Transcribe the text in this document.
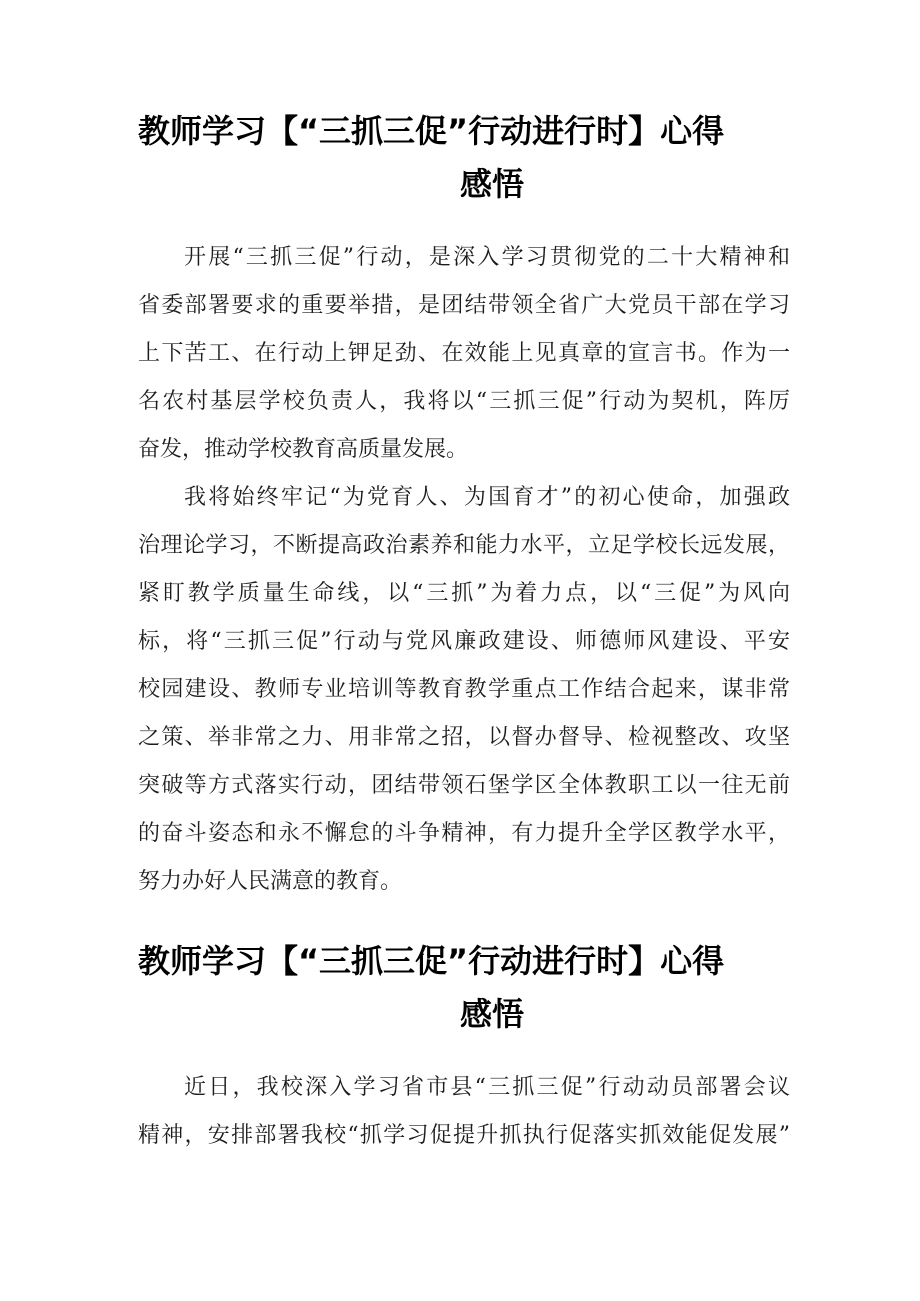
教师学习【“三抓三促”行动进行时】心得
感悟
开展“三抓三促”行动，是深入学习贯彻党的二十大精神和
省委部署要求的重要举措，是团结带领全省广大党员干部在学习
上下苦工、在行动上钾足劲、在效能上见真章的宣言书。作为一
名农村基层学校负责人，我将以“三抓三促”行动为契机，阵厉
奋发，推动学校教育高质量发展。
我将始终牢记“为党育人、为国育才”的初心使命，加强政
治理论学习，不断提高政治素养和能力水平，立足学校长远发展，
紧盯教学质量生命线，以“三抓”为着力点，以“三促”为风向
标，将“三抓三促”行动与党风廉政建设、师德师风建设、平安
校园建设、教师专业培训等教育教学重点工作结合起来，谋非常
之策、举非常之力、用非常之招，以督办督导、检视整改、攻坚
突破等方式落实行动，团结带领石堡学区全体教职工以一往无前
的奋斗姿态和永不懈怠的斗争精神，有力提升全学区教学水平，
努力办好人民满意的教育。
教师学习【“三抓三促”行动进行时】心得
感悟
近日，我校深入学习省市县“三抓三促”行动动员部署会议
精神，安排部署我校“抓学习促提升抓执行促落实抓效能促发展”
